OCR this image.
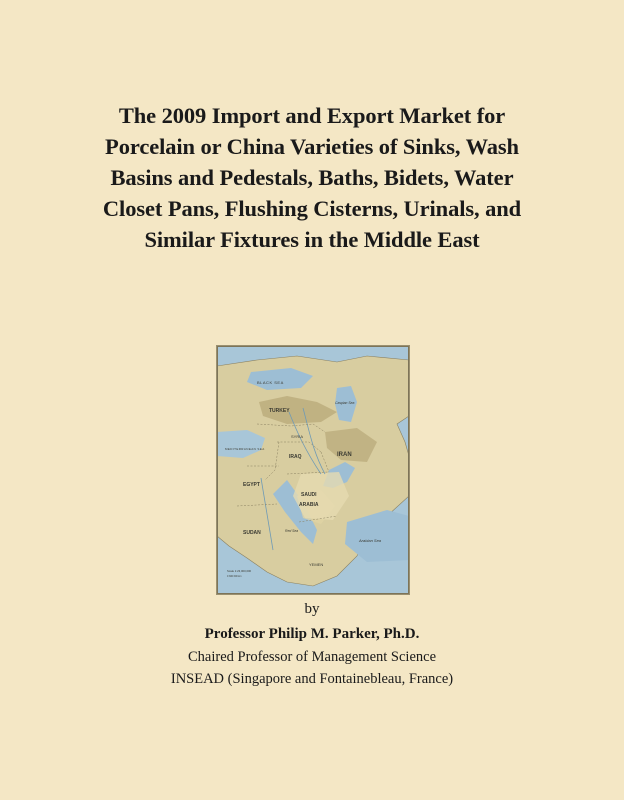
The 2009 Import and Export Market for
Porcelain or China Varieties of Sinks, Wash
Basins and Pedestals, Baths, Bidets, Water
Closet Pans, Flushing Cisterns, Urinals, and
Similar Fixtures in the Middle East
BLACK SEA
TURKEY
SYRIA
IRAQ	IRAN
EGYPT
SAUDI
ARABIA
SUDAN
YEMEN
Arabian Sea
Caspian Sea
Red Sea
MEDITERRANEAN SEA
Scale 1:23,000,000
0 300 600 km
by
Professor Philip M. Parker, Ph.D.
Chaired Professor of Management Science
INSEAD (Singapore and Fontainebleau, France)
